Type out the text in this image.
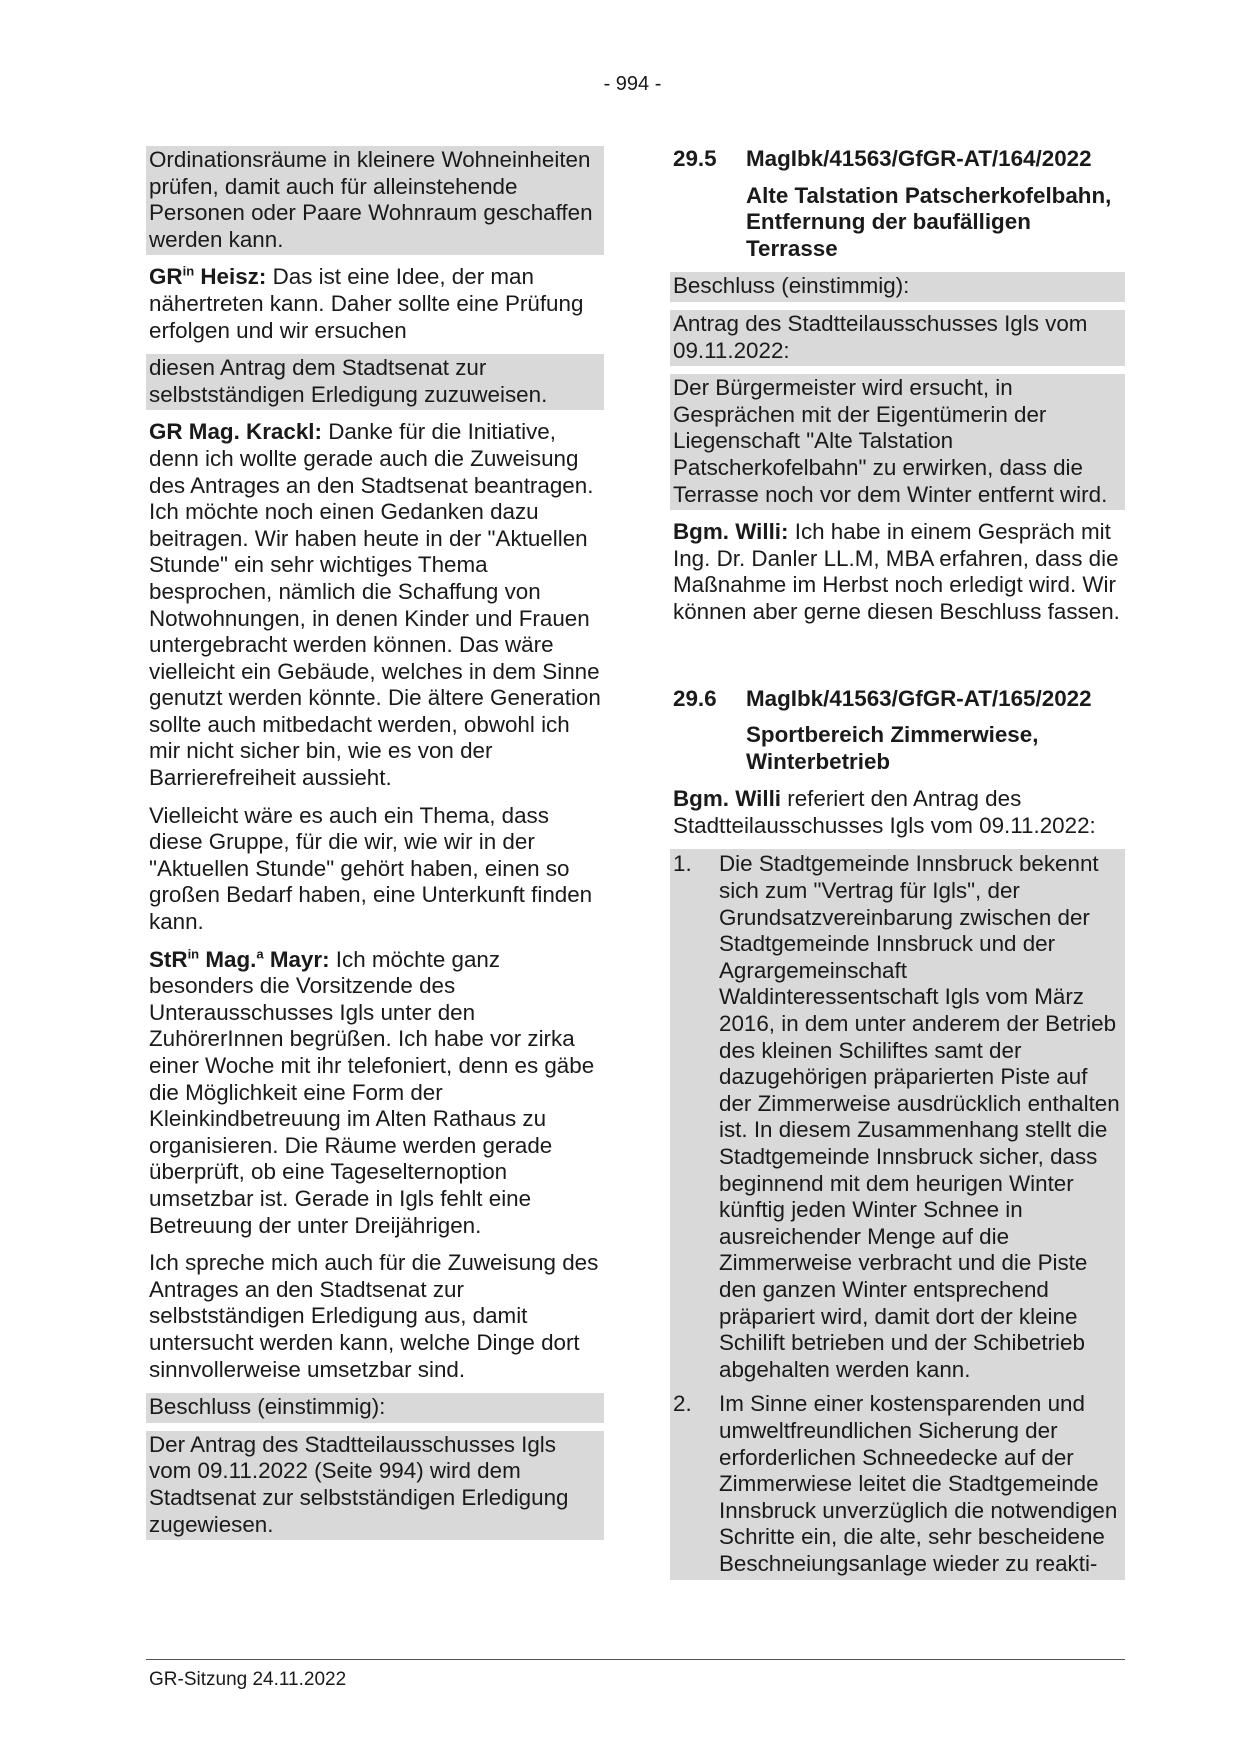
- 994 -

Ordinationsräume in kleinere Wohneinheiten prüfen, damit auch für alleinstehende Personen oder Paare Wohnraum geschaffen werden kann.

$GR^{in}$ Heisz: Das ist eine Idee, der man nähertreten kann. Daher sollte eine Prüfung erfolgen und wir ersuchen

diesen Antrag dem Stadtsenat zur selbstständigen Erledigung zuzuweisen.

GR Mag. Krackl: Danke für die Initiative, denn ich wollte gerade auch die Zuweisung des Antrages an den Stadtsenat beantragen. Ich möchte noch einen Gedanken dazu beitragen. Wir haben heute in der "Aktuellen Stunde" ein sehr wichtiges Thema besprochen, nämlich die Schaffung von Notwohnungen, in denen Kinder und Frauen untergebracht werden können. Das wäre vielleicht ein Gebäude, welches in dem Sinne genutzt werden könnte. Die ältere Generation sollte auch mitbedacht werden, obwohl ich mir nicht sicher bin, wie es von der Barrierefreiheit aussieht.

Vielleicht wäre es auch ein Thema, dass diese Gruppe, für die wir, wie wir in der "Aktuellen Stunde" gehört haben, einen so großen Bedarf haben, eine Unterkunft finden kann.

StR$^{in}$ Mag.$^a$ Mayr: Ich möchte ganz besonders die Vorsitzende des Unterausschusses Igls unter den ZuhörerInnen begrüßen. Ich habe vor zirka einer Woche mit ihr telefoniert, denn es gäbe die Möglichkeit eine Form der Kleinkindbetreuung im Alten Rathaus zu organisieren. Die Räume werden gerade überprüft, ob eine Tageselternoption umsetzbar ist. Gerade in Igls fehlt eine Betreuung der unter Dreijährigen.

Ich spreche mich auch für die Zuweisung des Antrages an den Stadtsenat zur selbstständigen Erledigung aus, damit untersucht werden kann, welche Dinge dort sinnvollerweise umsetzbar sind.

Beschluss (einstimmig):

Der Antrag des Stadtteilausschusses Igls vom 09.11.2022 (Seite 994) wird dem Stadtsenat zur selbstständigen Erledigung zugewiesen.

29.5	MagIbk/41563/GfGR-AT/164/2022

Alte Talstation Patscherkofelbahn, Entfernung der baufälligen Terrasse

Beschluss (einstimmig):

Antrag des Stadtteilausschusses Igls vom 09.11.2022:

Der Bürgermeister wird ersucht, in Gesprächen mit der Eigentümerin der Liegenschaft "Alte Talstation Patscherkofelbahn" zu erwirken, dass die Terrasse noch vor dem Winter entfernt wird.

Bgm. Willi: Ich habe in einem Gespräch mit Ing. Dr. Danler LL.M, MBA erfahren, dass die Maßnahme im Herbst noch erledigt wird. Wir können aber gerne diesen Beschluss fassen.

29.6	MagIbk/41563/GfGR-AT/165/2022

Sportbereich Zimmerwiese, Winterbetrieb

Bgm. Willi referiert den Antrag des Stadtteilausschusses Igls vom 09.11.2022:

1.	Die Stadtgemeinde Innsbruck bekennt sich zum "Vertrag für Igls", der Grundsatzvereinbarung zwischen der Stadtgemeinde Innsbruck und der Agrargemeinschaft Waldinteressentschaft Igls vom März 2016, in dem unter anderem der Betrieb des kleinen Schiliftes samt der dazugehörigen präparierten Piste auf der Zimmerweise ausdrücklich enthalten ist. In diesem Zusammenhang stellt die Stadtgemeinde Innsbruck sicher, dass beginnend mit dem heurigen Winter künftig jeden Winter Schnee in ausreichender Menge auf die Zimmerweise verbracht und die Piste den ganzen Winter entsprechend präpariert wird, damit dort der kleine Schilift betrieben und der Schibetrieb abgehalten werden kann.
2.	Im Sinne einer kostensparenden und umweltfreundlichen Sicherung der erforderlichen Schneedecke auf der Zimmerwiese leitet die Stadtgemeinde Innsbruck unverzüglich die notwendigen Schritte ein, die alte, sehr bescheidene Beschneiungsanlage wieder zu reakti-
GR-Sitzung 24.11.2022
